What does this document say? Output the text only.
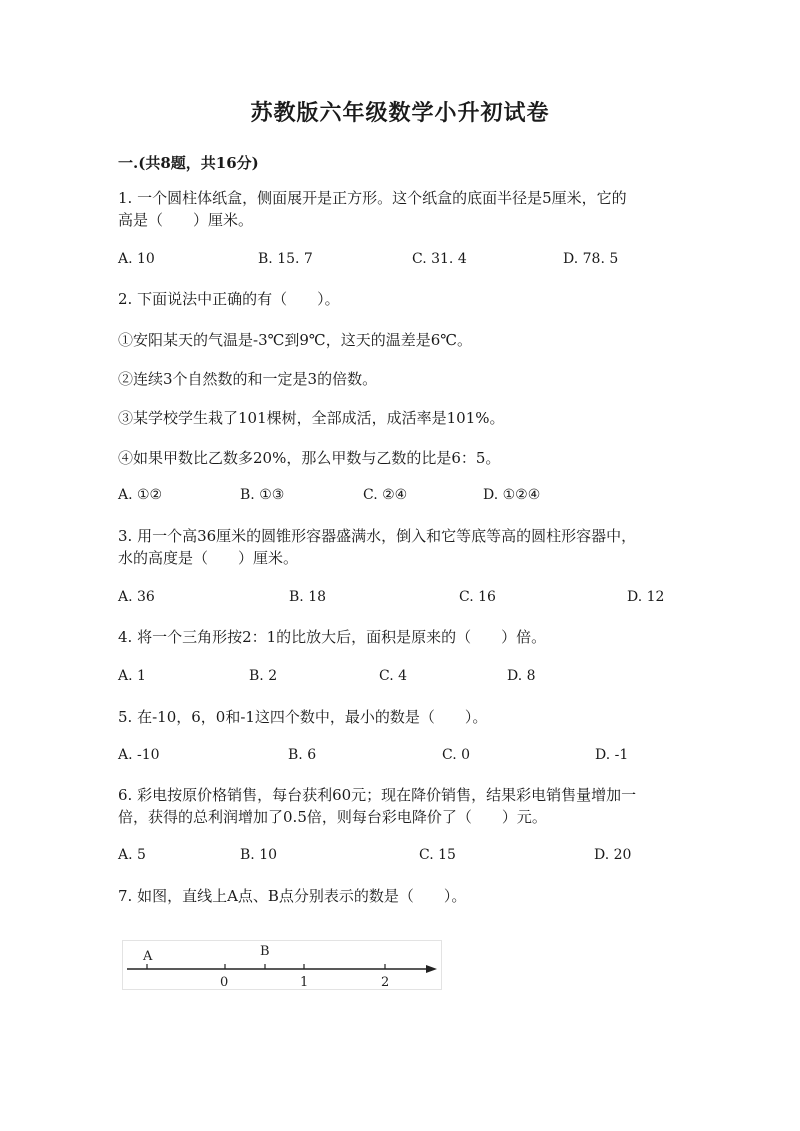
苏教版六年级数学小升初试卷
一.(共8题，共16分)
1. 一个圆柱体纸盒，侧面展开是正方形。这个纸盒的底面半径是5厘米，它的
高是（　　）厘米。
A. 10	B. 15. 7	C. 31. 4	D. 78. 5
2. 下面说法中正确的有（　　）。
①安阳某天的气温是-3℃到9℃，这天的温差是6℃。
②连续3个自然数的和一定是3的倍数。
③某学校学生栽了101棵树，全部成活，成活率是101%。
④如果甲数比乙数多20%，那么甲数与乙数的比是6：5。
A. ①②	B. ①③	C. ②④	D. ①②④
3. 用一个高36厘米的圆锥形容器盛满水，倒入和它等底等高的圆柱形容器中，
水的高度是（　　）厘米。
A. 36	B. 18	C. 16	D. 12
4. 将一个三角形按2：1的比放大后，面积是原来的（　　）倍。
A. 1	B. 2	C. 4	D. 8
5. 在-10，6，0和-1这四个数中，最小的数是（　　）。
A. -10	B. 6	C. 0	D. -1
6. 彩电按原价格销售，每台获利60元；现在降价销售，结果彩电销售量增加一
倍，获得的总利润增加了0.5倍，则每台彩电降价了（　　）元。
A. 5	B. 10	C. 15	D. 20
7. 如图，直线上A点、B点分别表示的数是（　　）。
A	B
0	1	2
